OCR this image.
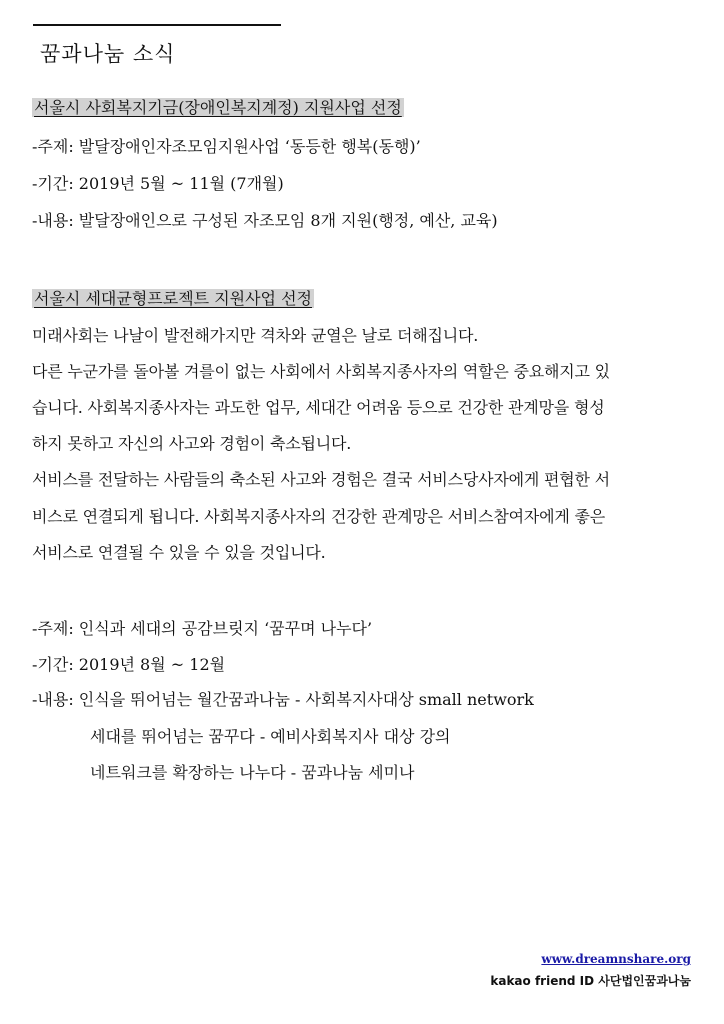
꿈과나눔 소식
서울시 사회복지기금(장애인복지계정) 지원사업 선정
-주제: 발달장애인자조모임지원사업 ‘동등한 행복(동행)’
-기간: 2019년 5월 ~ 11월 (7개월)
-내용: 발달장애인으로 구성된 자조모임 8개 지원(행정, 예산, 교육)
서울시 세대균형프로젝트 지원사업 선정
미래사회는 나날이 발전해가지만 격차와 균열은 날로 더해집니다.
다른 누군가를 돌아볼 겨를이 없는 사회에서 사회복지종사자의 역할은 중요해지고 있
습니다. 사회복지종사자는 과도한 업무, 세대간 어려움 등으로 건강한 관계망을 형성
하지 못하고 자신의 사고와 경험이 축소됩니다.
서비스를 전달하는 사람들의 축소된 사고와 경험은 결국 서비스당사자에게 편협한 서
비스로 연결되게 됩니다. 사회복지종사자의 건강한 관계망은 서비스참여자에게 좋은
서비스로 연결될 수 있을 수 있을 것입니다.
-주제: 인식과 세대의 공감브릿지 ‘꿈꾸며 나누다’
-기간: 2019년 8월 ~ 12월
-내용: 인식을 뛰어넘는 월간꿈과나눔 - 사회복지사대상 small network
세대를 뛰어넘는 꿈꾸다 - 예비사회복지사 대상 강의
네트워크를 확장하는 나누다 - 꿈과나눔 세미나
www.dreamnshare.org
kakao friend ID 사단법인꿈과나눔
